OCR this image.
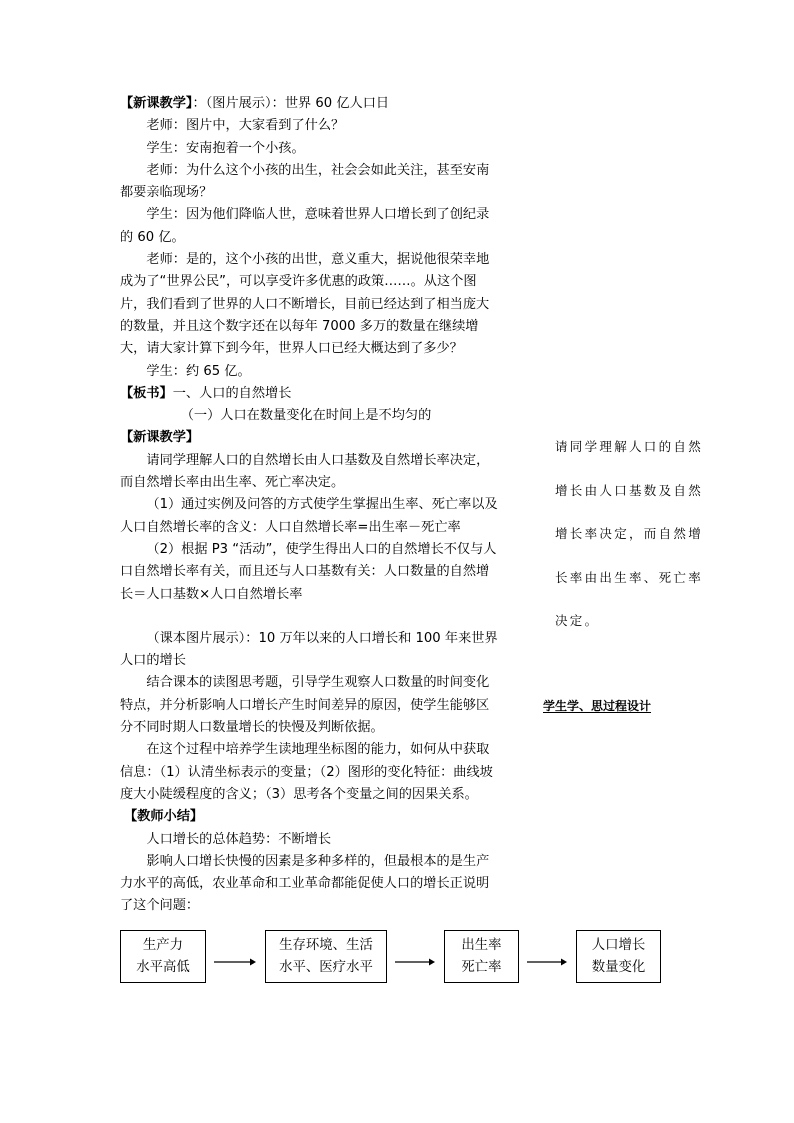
【新课教学】：（图片展示）：世界 60 亿人口日

老师：图片中，大家看到了什么？

学生：安南抱着一个小孩。

老师：为什么这个小孩的出生，社会会如此关注，甚至安南都要亲临现场？

学生：因为他们降临人世，意味着世界人口增长到了创纪录的 60 亿。

老师：是的，这个小孩的出世，意义重大，据说他很荣幸地成为了“世界公民”，可以享受许多优惠的政策……。从这个图片，我们看到了世界的人口不断增长，目前已经达到了相当庞大的数量，并且这个数字还在以每年 7000 多万的数量在继续增大，请大家计算下到今年，世界人口已经大概达到了多少？

学生：约 65 亿。

【板书】一、人口的自然增长

（一）人口在数量变化在时间上是不均匀的

【新课教学】

请同学理解人口的自然增长由人口基数及自然增长率决定，而自然增长率由出生率、死亡率决定。

（1）通过实例及问答的方式使学生掌握出生率、死亡率以及人口自然增长率的含义：人口自然增长率=出生率－死亡率

（2）根据 P3 “活动”，使学生得出人口的自然增长不仅与人口自然增长率有关，而且还与人口基数有关：人口数量的自然增长＝人口基数×人口自然增长率

（课本图片展示）：10 万年以来的人口增长和 100 年来世界人口的增长

结合课本的读图思考题，引导学生观察人口数量的时间变化特点，并分析影响人口增长产生时间差异的原因，使学生能够区分不同时期人口数量增长的快慢及判断依据。

在这个过程中培养学生读地理坐标图的能力，如何从中获取信息：（1）认清坐标表示的变量；（2）图形的变化特征：曲线坡度大小陡缓程度的含义；（3）思考各个变量之间的因果关系。

【教师小结】

人口增长的总体趋势：不断增长

影响人口增长快慢的因素是多种多样的，但最根本的是生产力水平的高低，农业革命和工业革命都能促使人口的增长正说明了这个问题：

请同学理解人口的自然

增长由人口基数及自然

增长率决定，而自然增

长率由出生率、死亡率

决定。

学生学、思过程设计
生产力
水平高低
生存环境、生活
水平、医疗水平
出生率
死亡率
人口增长
数量变化
